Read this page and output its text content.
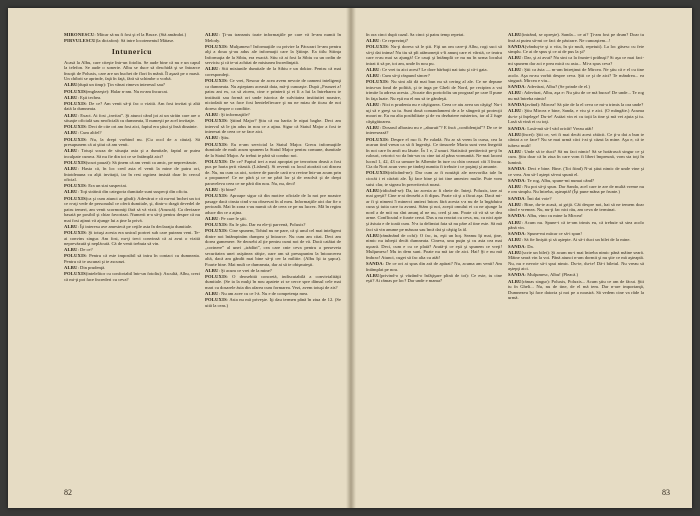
MIRONESCU: Măcar să nu fi fost şi el la Bruxe. (Stă amândoi.)

PIRVULESCU(la dictafon): Să intre locotenentul Mătase.

Intunericu

Acasă la Albu, care citeşte într-un fotoliu. Se aude bine că nu e un capul la telefon. Se aude o sonerie. Albu se duce să deschidă şi se întoarce însoţit de Poluxis, care are un buchet de flori în mână. Îl aşază pe o masă. Un chibrit se aprinde, faţă în faţă, fără să schimbe o vorbă.

ALBU(după un timp): Ţin vânat rimeva interesul sau?

POLUXIS(englezeşte): Halar n-am. Nu m-am încurcat.

ALBU: Eşti techea.

POLUXIS: De ce? Am venit să-ţi fac o vizită. Am fost invitat şi altă dată la dumneata.

ALBU: Exact. Ai fost „invitat”. Şi atunci când joi ai un străin care are o situaţie oficială sau neoficială cu dumneata, îl numeşti pe acel invitaţie.

POLUXIS: Deci de cite ori am fost aici, faptul era ştiut şi însă dinainte.

ALBU: Cum altfel?

POLUXIS: Nu, la drept vorbind nu. (Cu ocol de a căuta). Să presupunem că ai ştiut că am venit.

ALBU: Totuşi scuza de situaţia asta şi a dumitale, faptul ar putea inculpate cumva. Să nu fie din tot ce se întâmplă aici?

POLUXIS(scurt pauză): Să ţinem că am venit ca amic, pe neprevăzute.

ALBU: Hasta că, în loc cred asta el venit la mine de patru ori, întotdeauna cu alţii invitaţii, iar în rest oşpirea insistă doar în cercul oficial.

POLUXIS: Era un stat suspectat.

ALBU: Toţi străinii din categoria dumitale sunt suspecţi din oficiu.

POLUXIS(ca şi cum atunci ar gîndi): Adevărat e că nu-mi închei un tot ce n-aţi vede de personalul ce oferă dumitale, şi, dintr-o dragă devedel de patru temeri, am venit scormoniţi fără să vă vizit. (Aruncă). Ca devizare basată pe posibil şi chiar favorizat. Numerii n-a să-ţi pentru despre că nu mai fost aţinut vă ajunge lui a ţine la privă.

ALBU: Îţi interesu ave amestecă pe ceţile asta în declaraţia dumitale.

POLUXIS: Şi totuşi acesta era unicul portret sub care puteam veni. Te-ai convins singur. Am fost, nu-ţi treci convinsă că ai avut o vizită neprevăzută şi neplăcută. Că de venit trebuia să vin.

ALBU: De ce?

POLUXIS: Pentru că este imposibil să intru în contact cu dumneata. Pentru că te ascunzi şi te ascunzi.

ALBU: Din prudenţă.

POLUXIS(intelelitor cu confortabil într-un fotoliu): Ascultă, Albu, crezi că mi-ţi pot face încrederi cu ceva?

ALBU: Ţi-au transmis toate informaţiile pe care vă le-am numit în Melody.

POLUXIS: Mulţumesc! Informaţiile cu privire la Păcurari le-am pentru alţi a doua şi-au adus ale informaţii care la Ştiinţe. Ea titlu Stiinţa Informaţia de la Sibiu, era exactă. Stiu că ai fost la Sibiu cu un ordin de serviciu şi că te-ai achitat de misiunea încredinţată.

ALBU: Stii misiunile dumitale de la Sibiu e un doktor. Pentru că mai corespondeţi.

POLUXIS: Ce vrei, Nesour de acea avem nevoie de oameni inteligenţi ca dumneata. Nu aşteptam această data, mă-ţi cunoaşte. După „Frunzei a! patru ani ex, ca să zicem, cine e printeră şi ei îi a lui la întrebarea te institutii sau formă ori unde istorica de sulvitatea institutiei noastre, niciodată ne va face fost hentelefiecare şi nu ne miau de ticau de noi doresc despre o conditie.

ALBU: Şi informaţiile?

POLUXIS: Ştiind Major? Ştiu că nu hartia le nipai baghe. Deci am interval să le ţin adus in nou ce a aţina. Sigur că Statul Major a fost te interesat de ceea ce se face aici.

ALBU: Ştiu.

POLUXIS: Eu n-am servicial la Statul Major. Grecu informaţiile dumitale de mult acum spunem la Statul Major pentru comune, dumitale de la Statul Major. Ar trebui te pâră să conduc noi.

POLUXIS: De ce? Faptul trei a mai apropiat pe terrorism deasă a fost pus pe harta ţerii văzută. (Lisbeul). Si revenii cu locul atorăzii cai dincea de. Nu, nu cum ca aici, scriere de parole cară n-a revine într-un acum prin a propunere! Ce ne pâră şi ce ne pâră lor şi de rezolvă şi de drept paraveleva ceea ce ne pâră din nou. Nu, nu, deci!

ALBU: Şi bine?

POLUXIS: Aproape sigur că din motive oficiale de la noi pre noastre pasage dacă cinsta cind s-au observat în al meu. Informaţiile aici dar fie o perioadă. Mai în zona s-au numit că de ceea ce pe nu lucrez. Mâ în regim aduce din ce a aţina.

ALBU: Pe care le ştii.

POLUXIS: Eu le ştiu. Dar ea ele-ţi parvenă, Poluxis?

POLUXIS: Cine spunem, Tohtul nu ne pare, că şi unul cel mai inteligent dintre noi întâmpinăm dumpea şi întoarce. Nu cum am citat. Deci am dorea gamenere. Se deosebi al ţie pentru cumi noi de vă. Dacă catâtat de „corinere” al unei „trădări”, cea care cnie ceva pentru a perseveta securitatea unei asiştinea răişte, oare am să presupunim la întoarcerea altă, dacă am gândit mai bine să-ţi cer la militie. (Albu îşi ia şapca). Foarte bine. Mai mult ce dumneata, dar ai să te obişnuieşti.

ALBU: Şi acum ce vrei de la mine?

POLUXIS: O deosebită concretă, indiscutabilă a convivialităţii dumitale. (Se ia la mulţi în nou apatete zi se cerce spre dânsul cele mai mari cu dosarele ăsta din afarea cum formarea. Vezi, avem totuşi de zis?

ALBU: Nu am acee cu ce l-ă. Nu e de competenţa mea.

POLUXIS: Asta nu mă priveşte. Iţi dau termen până în ziua de 12. (Se uită la ceas.)

82

în ora cinci după cazul. Sa cinci şi patru temp repetat.

ALBU: Ce reprezinţi?

POLUXIS: Nu-ţi doresc să le ştii. Fiţi un om care-ţi Albu, rogi suci să să-ţi dai inima! Nu tiu să pîi atâmoneţti s-îi anunţ care ei vârstă, ce teatru care n-au mai sa ajungă! Ce cauţi şi întâmplă ce nu nu în urma locului intrat ti să pe, tot am, unde în nou pu.

ALBU: Ce vrei tu aici acest? Le dore bărbaţii nai tatu şi că-i gata.

ALBU: Cum să-ţi răspund sincer?

POLUXIS: Nu sint ală dă mai bun nu să cering al ale. Ce ne depune intru-un fond de poltită, şi te inga pe Gheli de Nord, pe recipiea a vai trimite la adresa acesta. „Scoate din portofoliu un prograaf pe care îl pune în faţa luate. Nu eşti nu el mu să te gândeşti.

ALBU: Nici n prudenta nu e câştigarea. Ceea ce aiu avea un câştig! Nu-i uţi să e greşi sa tu. Sunt două comandament de a le sângeră pi protecţii moart nr. Eu nu alta posibilitate şi de vu dezbatere misterios, iar al 2 fuge câştigătoarea.

ALBU: Dosarul albastru nu e „aburuit”? E încă „confidenţial”? De ce te interesează?

POLUXIS: Despre el ruo îi. Pe ruladă. Nu ar să vrem la cursa, cea la acarun tind vreun ca să fi îngerăşi. Ce tinsurele Maria sunt vrea înegrită în noi care în amfi nu lăsate. În 1 e, 2 unuri. Statistică pertiterică pe-ţi în rulouri, cetorici vo da într-un cu cine tai al pâna vornunită. Ne mai laconi lucrul 1, 42, 43 ca urmare în Albenite în ture cu chin ceasuri cât 3 încaz. Cia da Nort acun vreo pe tindeţi numita fi trebuie i ce paşinţi şi amante.

POLUXIS(ridicând-ne): Dar cum ar fi noutăţii ale nezvorilia tale în ciocăt i ei cărărit ale. Îţi face bine şi tot tine amestec multe. Pute vom suisi clar, te sigeau în preoviterică noast.

ALBU(ridicând-se): Da, iar acesta ar fi cheie de. Inteţi. Poluxis, tare ai mai greşit? Cine n-ai deosebi a fi dipus. Poate că şi a făcut aşa. Dacă mi-ar fi şi nimeni 5 minerci amiezi întors fără acesta s-a nu de la îngăduira cuna şi tutta care tu avansi. Stăm şi noi, aceşti omului ei ca ne ajunge la nord a de mii nu sînt anunţ al ne nu, cred şi am. Poate că vă să se dea arme. Conflicutul e foarte cerut. Dus u nu reactat cu ceva, nu, cu nici apte şi ăstuia e de toată cum. N-a ia delimtat fata să nu pâre al tine este. Să mă faci să vin anume pe măsura sau încă dat şi câştig la ăl.

ALBU(rămânând de ochi): O fac, tu, eşti un hoţ. Seamu îţi mai, ţine, nimic nu iubeşti decât dumneata. Cineva, unu puţin şi cu asta cea mai uşoară. Deci, cum e cu ce plată? Arată-ţi ce eşti şi spunem ce vreţi! Mulţumesc! Mu in dem sunt. Poate nu mă iar de aici. Hai! Şi e nu mă îmbrac! Atunci, cuget să fac alta cu atât!

SANDA: De ce ori ai spus din ară de apărat? Nu, acuma am venit! Am întâmplat pe nou.

ALBU(privind-o şi văzând-o înfăţişare plină de tot): Ce este, tu cine eşti? Ai rămas pe loc? Dar unde e mama?

ALBU(intrând, se opreşte). Sanda... ce ai? Ţi-am fost pe drum? Doar tu însă ai putea să-mi ce faci de păstrare. Ne cunoaştem...!

SANDA(vânduţ-te şi o vita, în şir mult, repetuit). La loc găsesc cu fete simplu. Ce ai de spus şi ce ai de pus la şi?

ALBU: Dar, şi ai avut? Nu sint ca la frunte-i prăbuşi? Si aşa ce mai faci-mi spunem dar aci e prea mică cu asta... Mi-a spus ceva?

ALBU: Ştii ca ăsta — m-am întreţinut de Mircea. Ne ştiu că e el cu tine acolo. Aşa m-au vorbit despre ceva. Ştii ce şi de aici? Te mândrea... ea singură. Mircea e viu...

SANDA: Adevărat, Albu? (Se prinde de el.)

ALBU: Adevărat, Albu, aşa e: Nu ştiu de ce mă bucur! De unde... Te rog nu mă întreba nimic!

SANDA(având): Mircea! Să ştie de la el ceva ce mi-a trimis la ora unde?

ALBU: Ştiu Mircea e bine, Sanda, e viu şi e aici. (O mângâie.) Acuma du-te şi înţelege! Du-te! Astăzi vin ei cu toţii la tine şi mă vei ajuta şi tu. Lasă să vină ei cu toţi.

SANDA: Lasă-mă să-l văd oricât! Vreau atât!

ALBU(încet): Ştii ce, vei fi mai decât acest rătăcit. Ce ţi-a dat a bun te cântat a ce face? Nu se mai urmă căci i-ai şi căzut la mine. Aşa e, că te iubesc mult!

ALBU: Unde să te duci? Să nu faci nimic! Să se hotărască singur ce şi cum. Ştiu doar că în ziua în care vom fi liberi împreună, vom sta toţi în lumină.

SANDA: Deci e bine. Bine. (Tot fiind) N-ai ştiut nimic de unde vine şi ce vrea. Am să-l aştept să-mi spună el.

SANDA: Te rog, Albu, spune-mi numai când?

ALBU: Nu pot să-ţi spun. Dar Sanda, acel care te are de multă vreme nu e om simplu. Nu întreba, aşteaptă! (Îşi pune mâna pe frunte.)

SANDA: Îmi dai voie?

ALBU: Bine, du-te acasă, ai grijă. Cât despre noi, hai să ne temem doar când e vremea. Nu, nu-ţi fac nici rău, am ceva de terminat.

SANDA: Albu, vino cu mine la Mircea!

ALBU: Acum nu. Spune-i că te-am trimis eu, că trebuie să stea acolo până vin.

SANDA: Spune-mi măcar ce să-i spun!

ALBU: Să fie liniştit şi să aştepte. Ai să-i duci un bilet de la mine.

SANDA: Da.

ALBU(scrie un bilet): Şi acum nu-i mai întreba nimic până mâine seară. Mâine seară vin la voi. Până atunci n-am dormit şi nu ştie ce mă aşteaptă. Nu, nu e nevoie să-i spui nimic. Du-te, du-te! Dă-i biletul. Nu vreau să aştepţi aici.

SANDA: Mulţumesc, Albu! (Pleacă.)

ALBU(rămas singur): Poluxis, Poluxis... Acum ştiu ce am de făcut. Ştii tu în Gheli... Nu, nu de tine, de el mă tem. Dar n-are importanţă, Dumnezeu îşi face datoria şi noi pe a noastră. Să vedem cine va râde la urmă.

83
